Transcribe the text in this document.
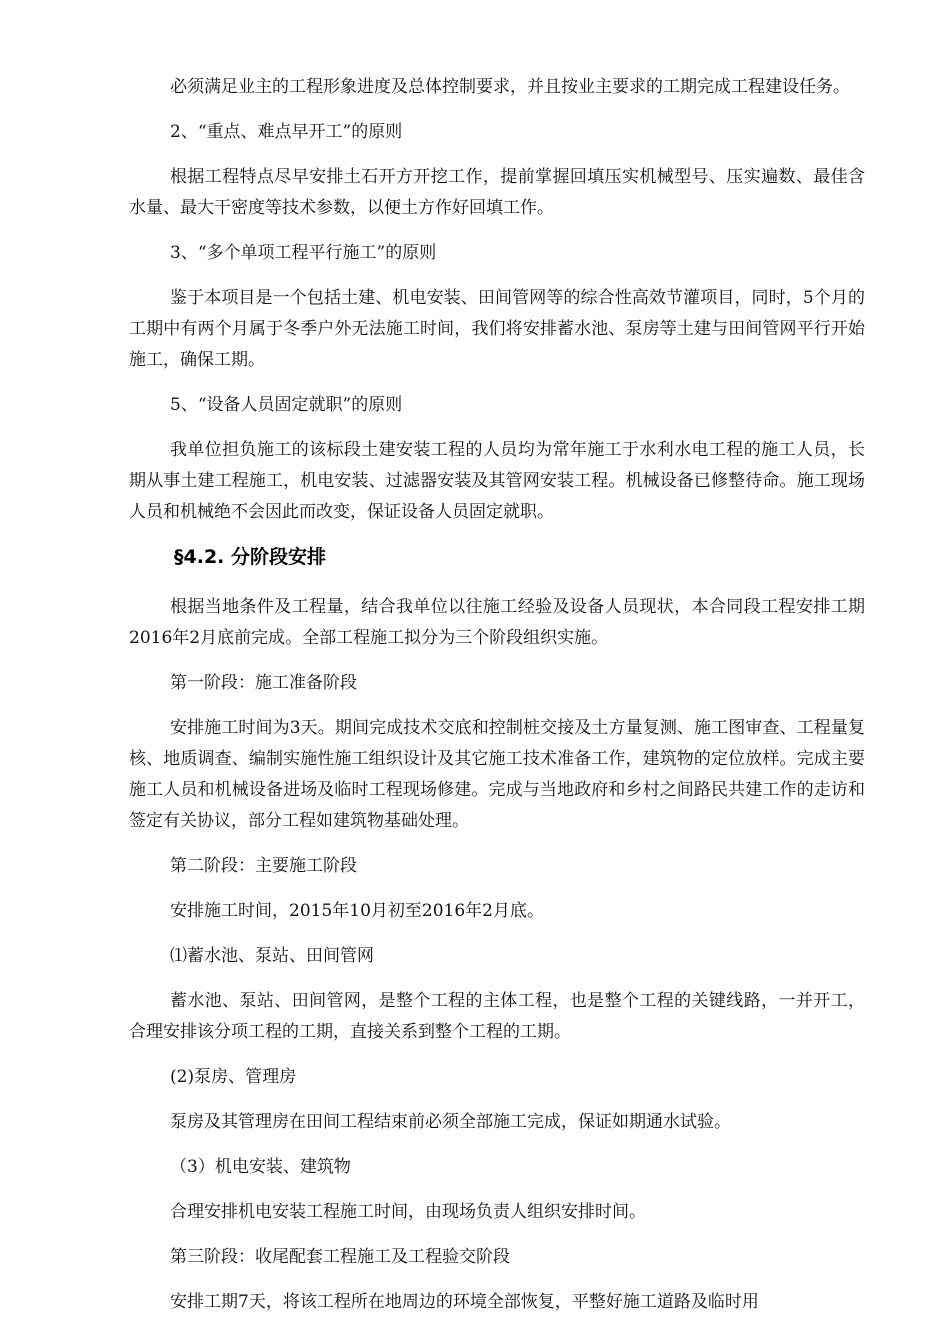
必须满足业主的工程形象进度及总体控制要求，并且按业主要求的工期完成工程建设任务。

2、“重点、难点早开工”的原则

根据工程特点尽早安排土石开方开挖工作，提前掌握回填压实机械型号、压实遍数、最佳含水量、最大干密度等技术参数，以便土方作好回填工作。

3、“多个单项工程平行施工”的原则

鉴于本项目是一个包括土建、机电安装、田间管网等的综合性高效节灌项目，同时，5个月的工期中有两个月属于冬季户外无法施工时间，我们将安排蓄水池、泵房等土建与田间管网平行开始施工，确保工期。

5、“设备人员固定就职”的原则

我单位担负施工的该标段土建安装工程的人员均为常年施工于水利水电工程的施工人员，长期从事土建工程施工，机电安装、过滤器安装及其管网安装工程。机械设备已修整待命。施工现场人员和机械绝不会因此而改变，保证设备人员固定就职。

§4.2. 分阶段安排

根据当地条件及工程量，结合我单位以往施工经验及设备人员现状，本合同段工程安排工期2016年2月底前完成。全部工程施工拟分为三个阶段组织实施。

第一阶段：施工准备阶段

安排施工时间为3天。期间完成技术交底和控制桩交接及土方量复测、施工图审查、工程量复核、地质调查、编制实施性施工组织设计及其它施工技术准备工作，建筑物的定位放样。完成主要施工人员和机械设备进场及临时工程现场修建。完成与当地政府和乡村之间路民共建工作的走访和签定有关协议，部分工程如建筑物基础处理。

第二阶段：主要施工阶段

安排施工时间，2015年10月初至2016年2月底。

⑴蓄水池、泵站、田间管网

蓄水池、泵站、田间管网，是整个工程的主体工程，也是整个工程的关键线路，一并开工，合理安排该分项工程的工期，直接关系到整个工程的工期。

(2)泵房、管理房

泵房及其管理房在田间工程结束前必须全部施工完成，保证如期通水试验。

（3）机电安装、建筑物

合理安排机电安装工程施工时间，由现场负责人组织安排时间。

第三阶段：收尾配套工程施工及工程验交阶段

安排工期7天，将该工程所在地周边的环境全部恢复，平整好施工道路及临时用
